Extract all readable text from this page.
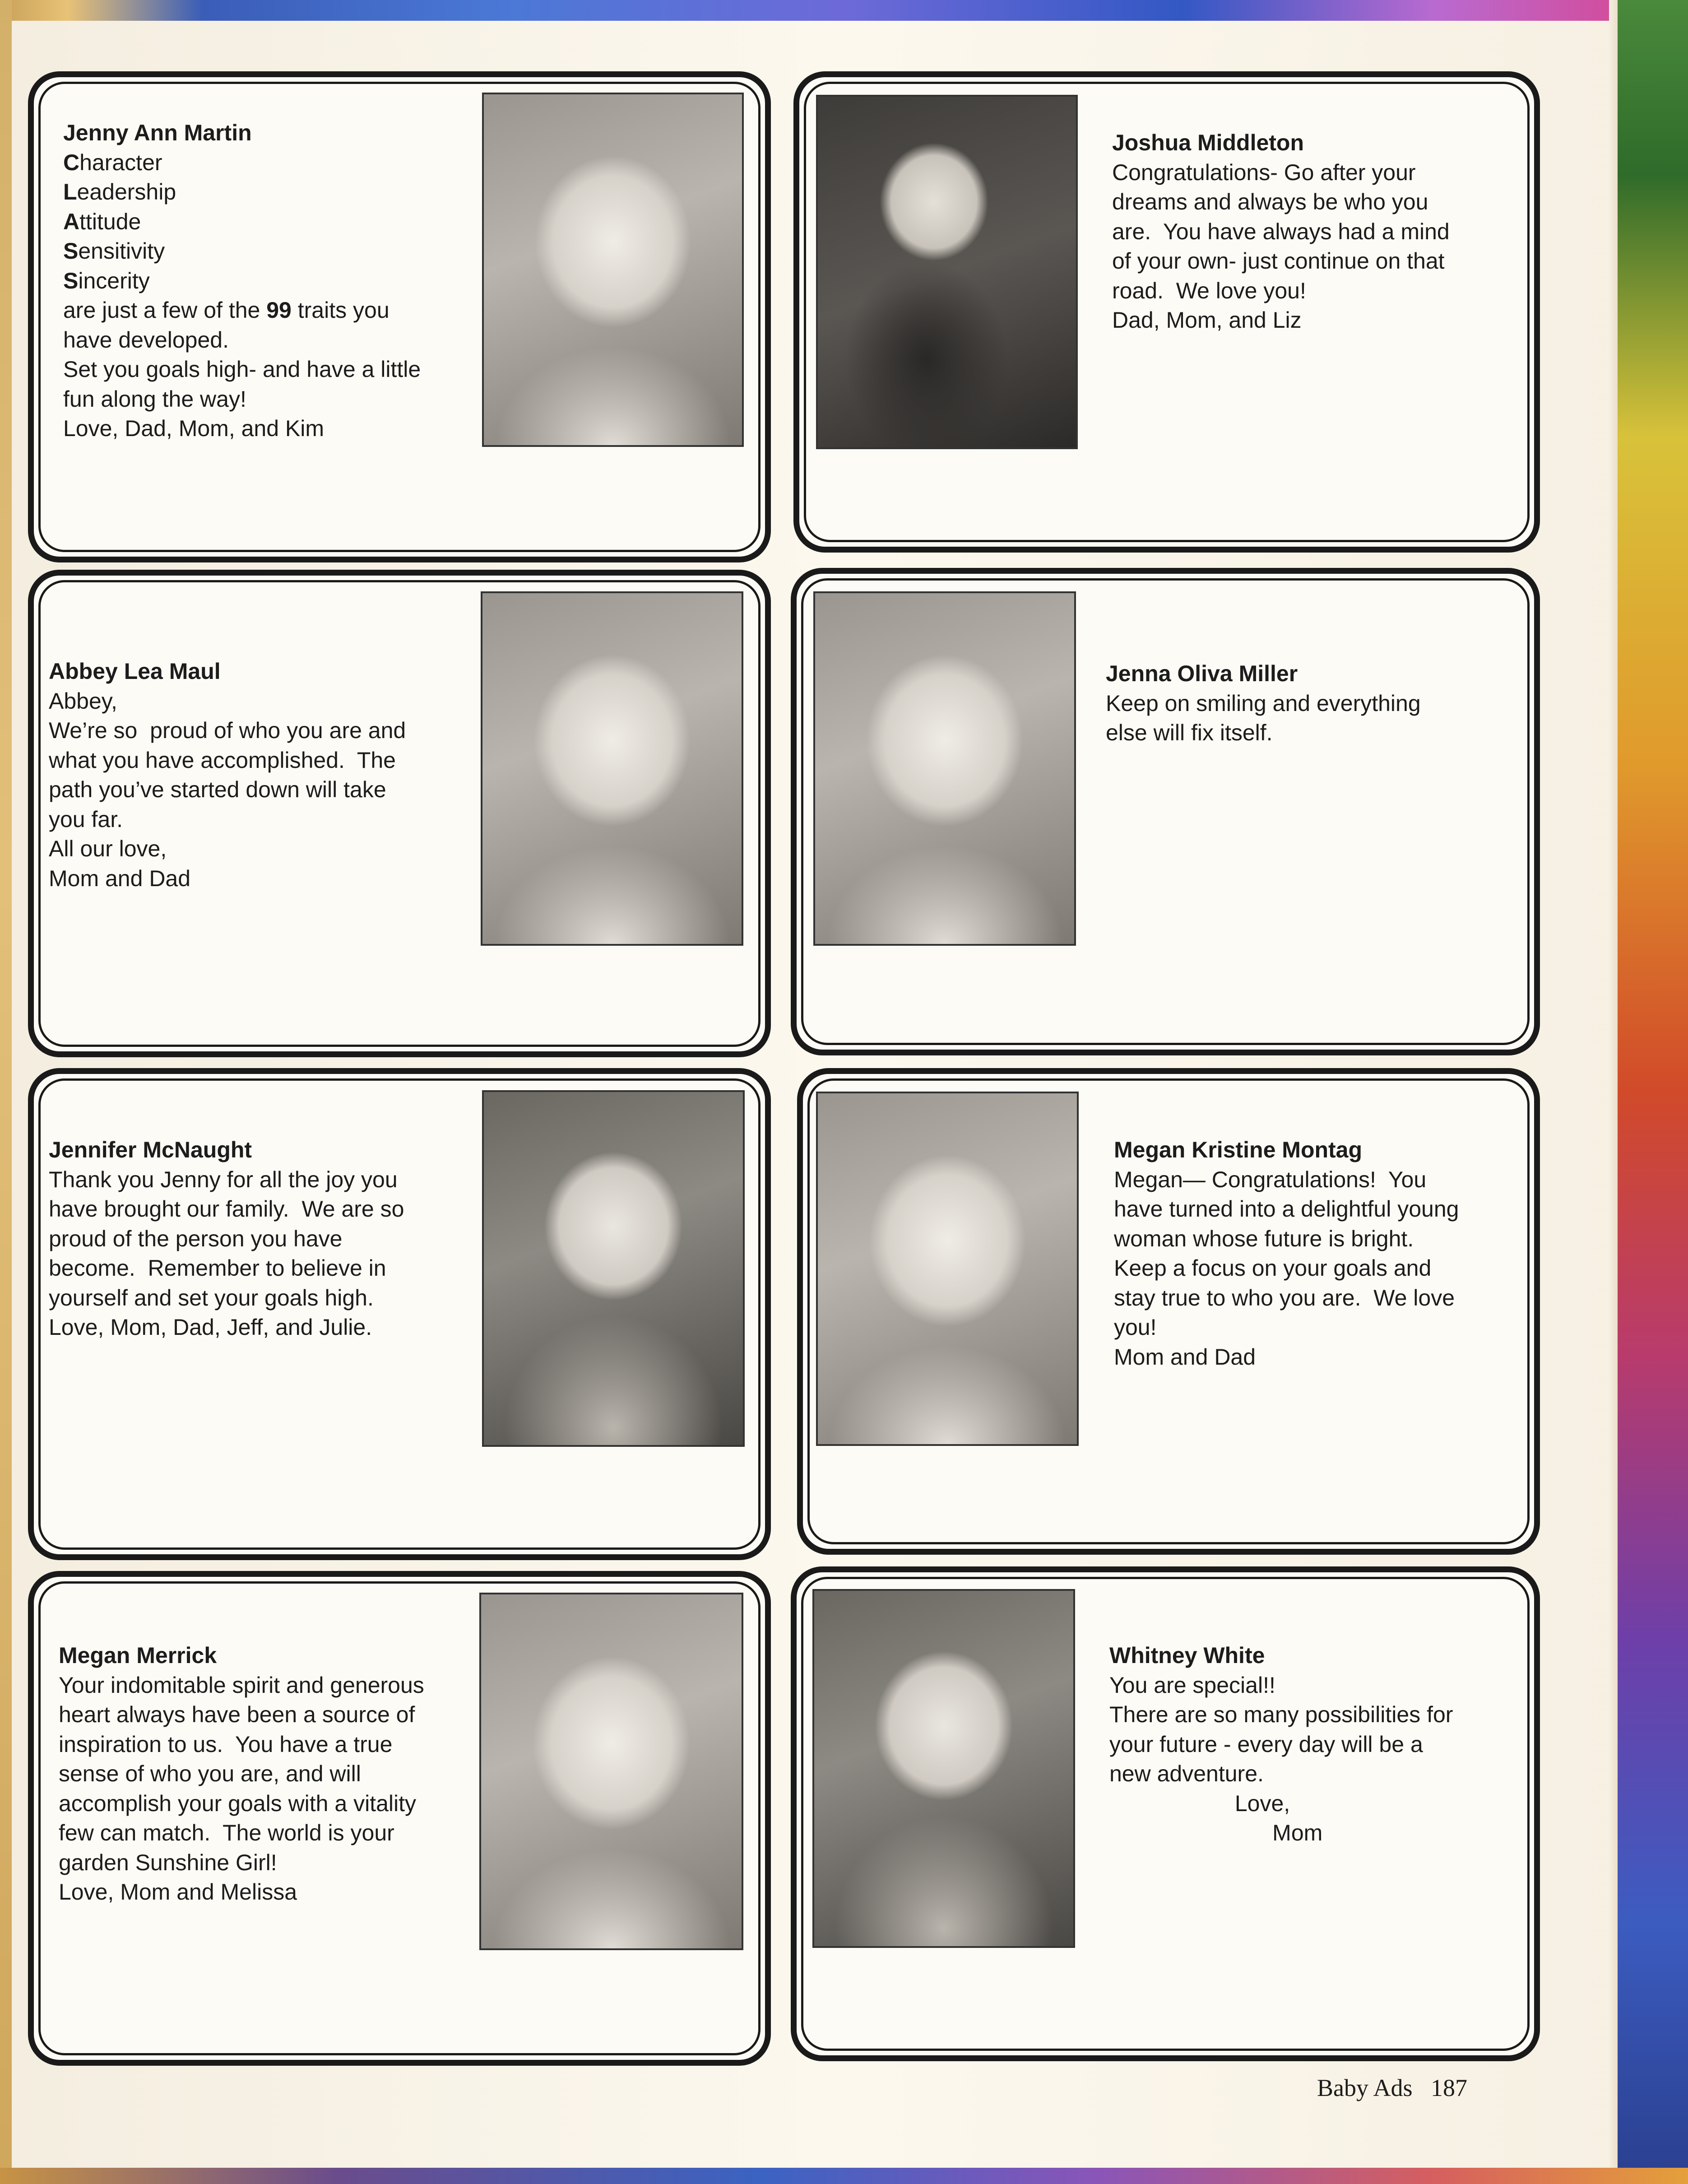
Jenny Ann Martin
Character
Leadership
Attitude
Sensitivity
Sincerity
are just a few of the 99 traits you
have developed.
Set you goals high- and have a little
fun along the way!
Love, Dad, Mom, and Kim
Joshua Middleton
Congratulations- Go after your
dreams and always be who you
are.  You have always had a mind
of your own- just continue on that
road.  We love you!
Dad, Mom, and Liz
Abbey Lea Maul
Abbey,
We’re so  proud of who you are and
what you have accomplished.  The
path you’ve started down will take
you far.
All our love,
Mom and Dad
Jenna Oliva Miller
Keep on smiling and everything
else will fix itself.
Jennifer McNaught
Thank you Jenny for all the joy you
have brought our family.  We are so
proud of the person you have
become.  Remember to believe in
yourself and set your goals high.
Love, Mom, Dad, Jeff, and Julie.
Megan Kristine Montag
Megan— Congratulations!  You
have turned into a delightful young
woman whose future is bright.
Keep a focus on your goals and
stay true to who you are.  We love
you!
Mom and Dad
Megan Merrick
Your indomitable spirit and generous
heart always have been a source of
inspiration to us.  You have a true
sense of who you are, and will
accomplish your goals with a vitality
few can match.  The world is your
garden Sunshine Girl!
Love, Mom and Melissa
Whitney White
You are special!!
There are so many possibilities for
your future - every day will be a
new adventure.
Love,
Mom
Baby Ads 187
